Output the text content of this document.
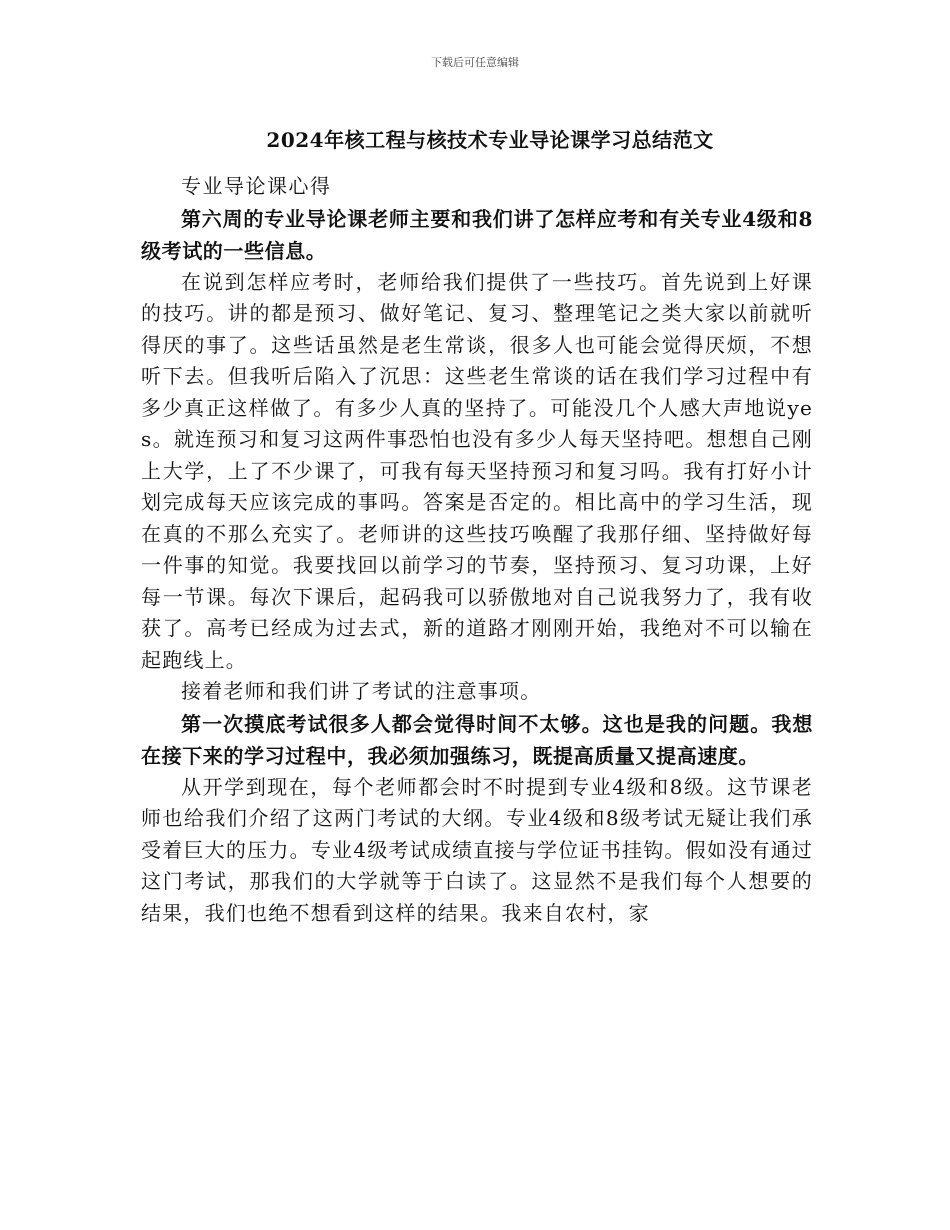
下载后可任意编辑
2024年核工程与核技术专业导论课学习总结范文

专业导论课心得

第六周的专业导论课老师主要和我们讲了怎样应考和有关专业4级和8级考试的一些信息。

在说到怎样应考时，老师给我们提供了一些技巧。首先说到上好课的技巧。讲的都是预习、做好笔记、复习、整理笔记之类大家以前就听得厌的事了。这些话虽然是老生常谈，很多人也可能会觉得厌烦，不想听下去。但我听后陷入了沉思：这些老生常谈的话在我们学习过程中有多少真正这样做了。有多少人真的坚持了。可能没几个人感大声地说yes。就连预习和复习这两件事恐怕也没有多少人每天坚持吧。想想自己刚上大学，上了不少课了，可我有每天坚持预习和复习吗。我有打好小计划完成每天应该完成的事吗。答案是否定的。相比高中的学习生活，现在真的不那么充实了。老师讲的这些技巧唤醒了我那仔细、坚持做好每一件事的知觉。我要找回以前学习的节奏，坚持预习、复习功课，上好每一节课。每次下课后，起码我可以骄傲地对自己说我努力了，我有收获了。高考已经成为过去式，新的道路才刚刚开始，我绝对不可以输在起跑线上。

接着老师和我们讲了考试的注意事项。

第一次摸底考试很多人都会觉得时间不太够。这也是我的问题。我想在接下来的学习过程中，我必须加强练习，既提高质量又提高速度。

从开学到现在，每个老师都会时不时提到专业4级和8级。这节课老师也给我们介绍了这两门考试的大纲。专业4级和8级考试无疑让我们承受着巨大的压力。专业4级考试成绩直接与学位证书挂钩。假如没有通过这门考试，那我们的大学就等于白读了。这显然不是我们每个人想要的结果，我们也绝不想看到这样的结果。我来自农村，家
